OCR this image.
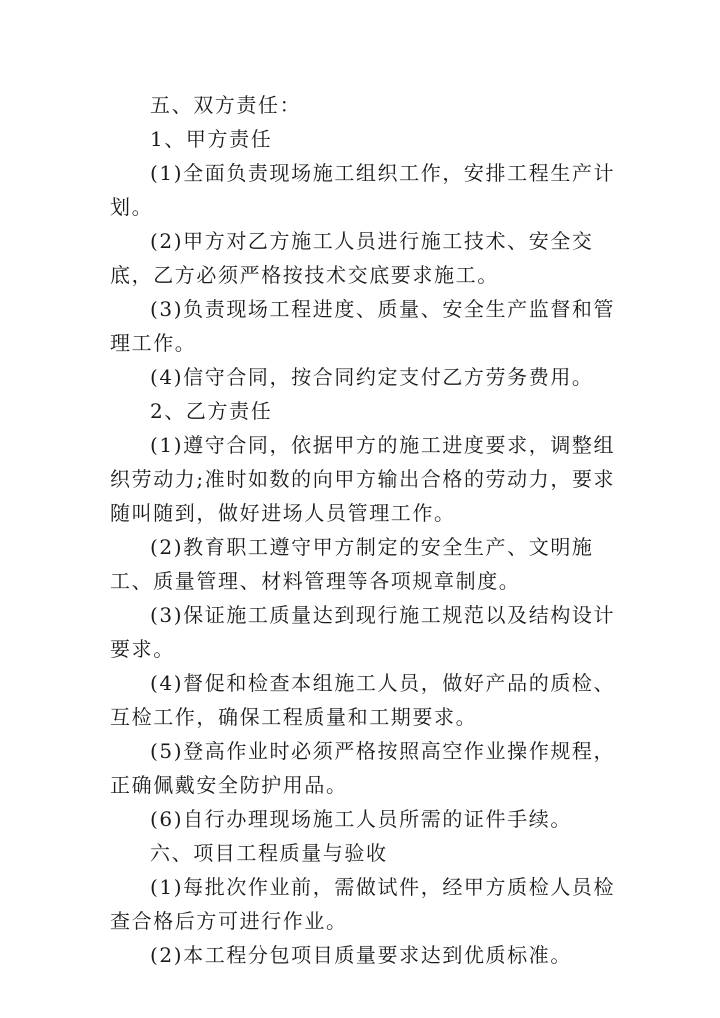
五、双方责任：

1、甲方责任

(1)全面负责现场施工组织工作，安排工程生产计划。

(2)甲方对乙方施工人员进行施工技术、安全交底，乙方必须严格按技术交底要求施工。

(3)负责现场工程进度、质量、安全生产监督和管理工作。

(4)信守合同，按合同约定支付乙方劳务费用。

2、乙方责任

(1)遵守合同，依据甲方的施工进度要求，调整组织劳动力;准时如数的向甲方输出合格的劳动力，要求随叫随到，做好进场人员管理工作。

(2)教育职工遵守甲方制定的安全生产、文明施工、质量管理、材料管理等各项规章制度。

(3)保证施工质量达到现行施工规范以及结构设计要求。

(4)督促和检查本组施工人员，做好产品的质检、互检工作，确保工程质量和工期要求。

(5)登高作业时必须严格按照高空作业操作规程，正确佩戴安全防护用品。

(6)自行办理现场施工人员所需的证件手续。

六、项目工程质量与验收

(1)每批次作业前，需做试件，经甲方质检人员检查合格后方可进行作业。

(2)本工程分包项目质量要求达到优质标准。
